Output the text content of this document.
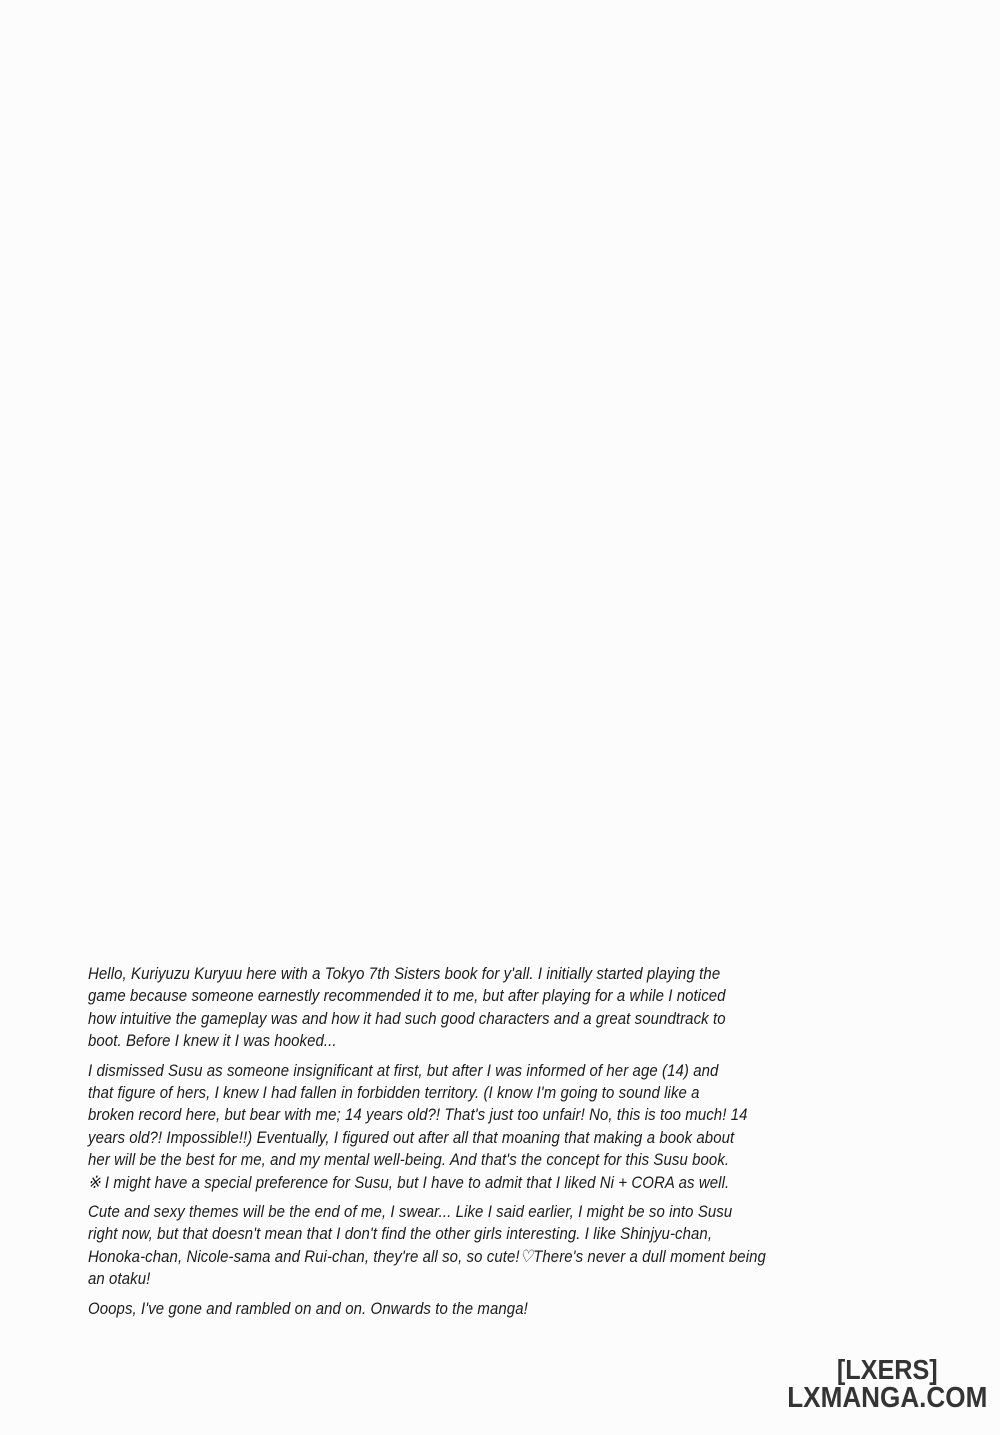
Hello, Kuriyuzu Kuryuu here with a Tokyo 7th Sisters book for y'all. I initially started playing the
game because someone earnestly recommended it to me, but after playing for a while I noticed
how intuitive the gameplay was and how it had such good characters and a great soundtrack to
boot. Before I knew it I was hooked...

I dismissed Susu as someone insignificant at first, but after I was informed of her age (14) and
that figure of hers, I knew I had fallen in forbidden territory. (I know I'm going to sound like a
broken record here, but bear with me; 14 years old?! That's just too unfair! No, this is too much! 14
years old?! Impossible!!) Eventually, I figured out after all that moaning that making a book about
her will be the best for me, and my mental well-being. And that's the concept for this Susu book.
※ I might have a special preference for Susu, but I have to admit that I liked Ni + CORA as well.

Cute and sexy themes will be the end of me, I swear... Like I said earlier, I might be so into Susu
right now, but that doesn't mean that I don't find the other girls interesting. I like Shinjyu-chan,
Honoka-chan, Nicole-sama and Rui-chan, they're all so, so cute!♡There's never a dull moment being
an otaku!

Ooops, I've gone and rambled on and on. Onwards to the manga!

[LXERS]
LXMANGA.COM
